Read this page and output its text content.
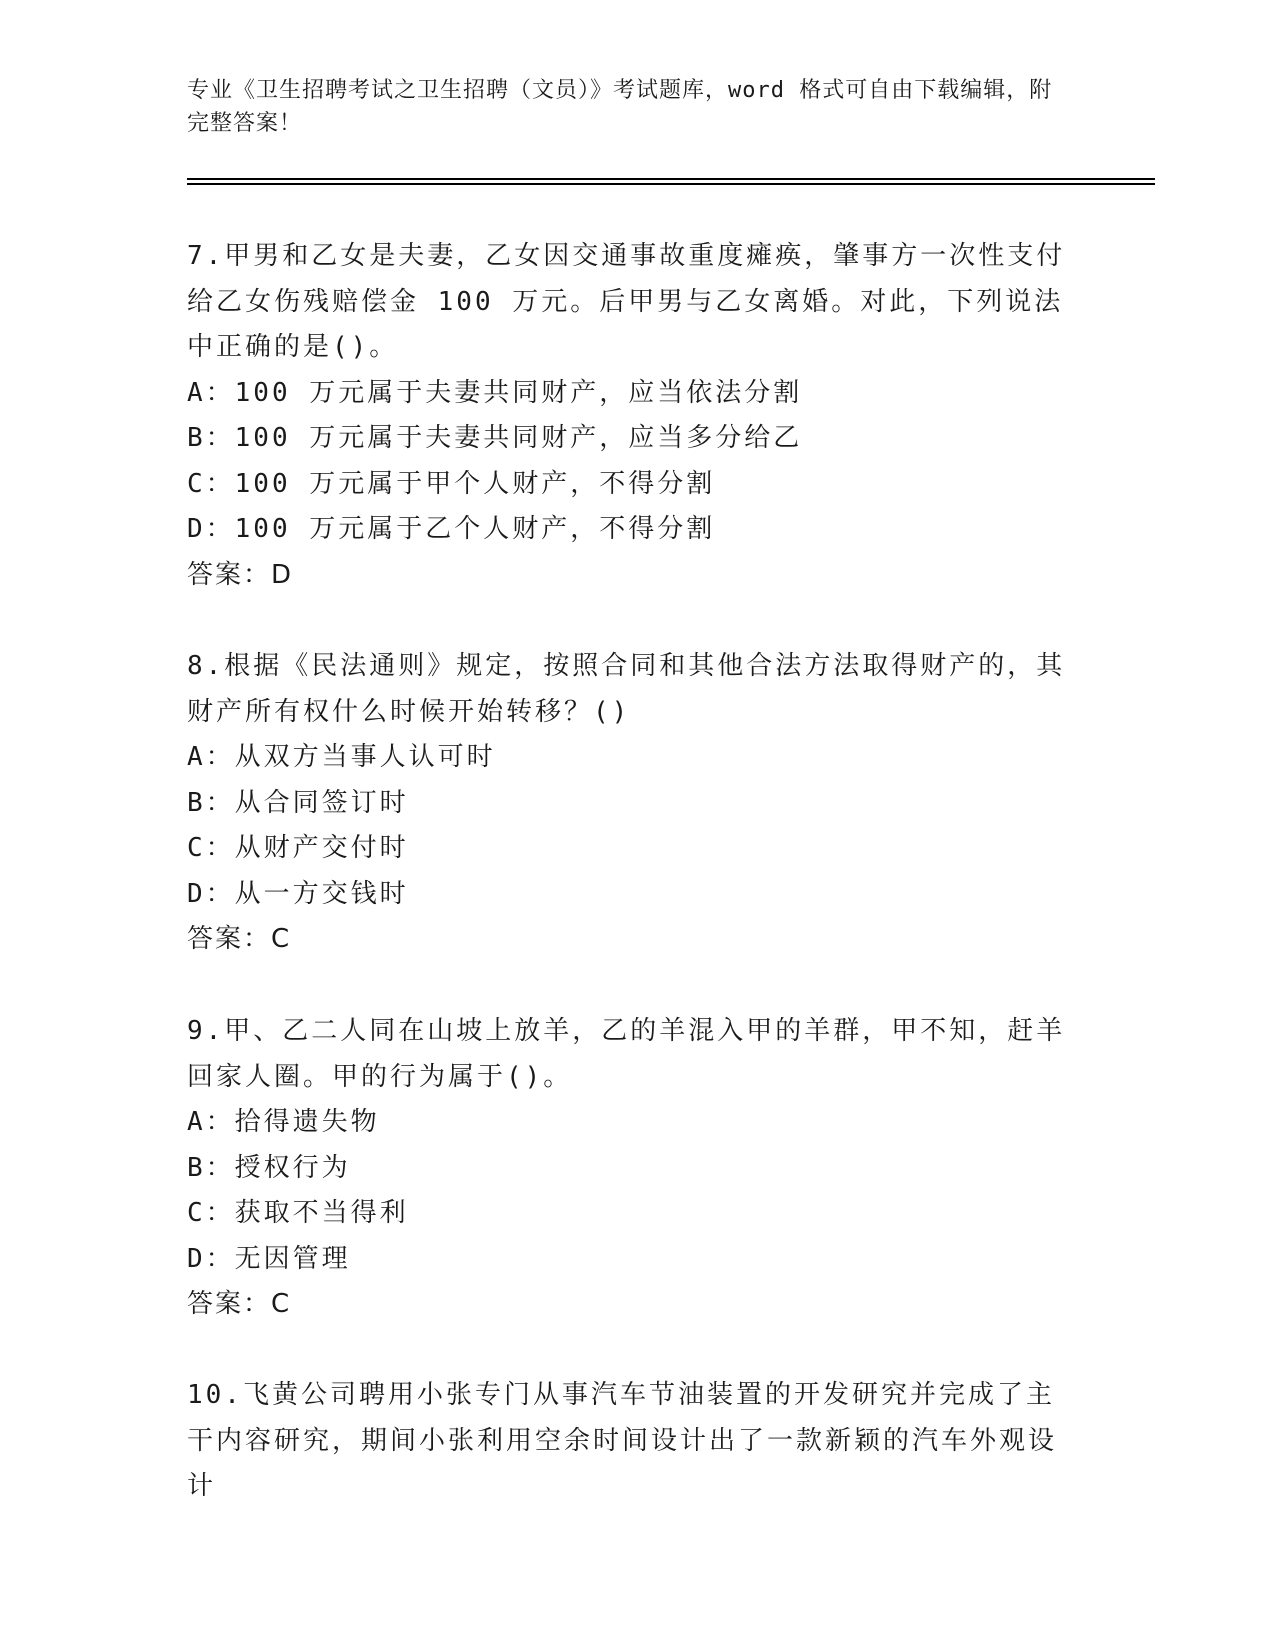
专业《卫生招聘考试之卫生招聘（文员）》考试题库，word 格式可自由下载编辑，附完整答案！

7.甲男和乙女是夫妻，乙女因交通事故重度瘫痪，肇事方一次性支付给乙女伤残赔偿金 100 万元。后甲男与乙女离婚。对此，下列说法中正确的是()。

A：100 万元属于夫妻共同财产，应当依法分割

B：100 万元属于夫妻共同财产，应当多分给乙

C：100 万元属于甲个人财产，不得分割

D：100 万元属于乙个人财产，不得分割

答案：D

8.根据《民法通则》规定，按照合同和其他合法方法取得财产的，其财产所有权什么时候开始转移？()

A：从双方当事人认可时

B：从合同签订时

C：从财产交付时

D：从一方交钱时

答案：C

9.甲、乙二人同在山坡上放羊，乙的羊混入甲的羊群，甲不知，赶羊回家人圈。甲的行为属于()。

A：拾得遗失物

B：授权行为

C：获取不当得利

D：无因管理

答案：C

10.飞黄公司聘用小张专门从事汽车节油装置的开发研究并完成了主干内容研究，期间小张利用空余时间设计出了一款新颖的汽车外观设计
